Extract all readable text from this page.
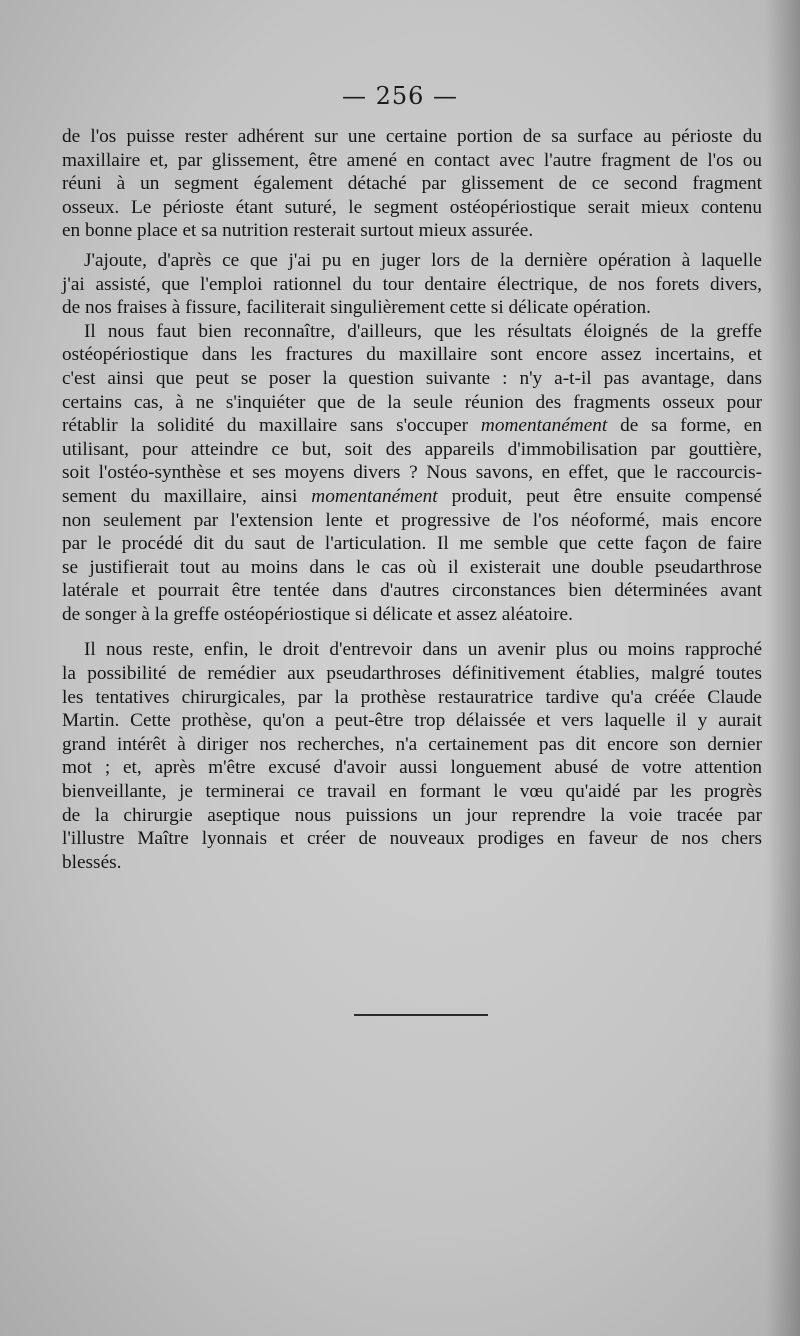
— 256 —
de l'os puisse rester adhérent sur une certaine portion de sa surface au périoste du
maxillaire et, par glissement, être amené en contact avec l'autre fragment de l'os ou
réuni à un segment également détaché par glissement de ce second fragment
osseux. Le périoste étant suturé, le segment ostéopériostique serait mieux contenu
en bonne place et sa nutrition resterait surtout mieux assurée.
J'ajoute, d'après ce que j'ai pu en juger lors de la dernière opération à laquelle
j'ai assisté, que l'emploi rationnel du tour dentaire électrique, de nos forets divers,
de nos fraises à fissure, faciliterait singulièrement cette si délicate opération.
Il nous faut bien reconnaître, d'ailleurs, que les résultats éloignés de la greffe
ostéopériostique dans les fractures du maxillaire sont encore assez incertains, et
c'est ainsi que peut se poser la question suivante : n'y a-t-il pas avantage, dans
certains cas, à ne s'inquiéter que de la seule réunion des fragments osseux pour
rétablir la solidité du maxillaire sans s'occuper momentanément de sa forme, en
utilisant, pour atteindre ce but, soit des appareils d'immobilisation par gouttière,
soit l'ostéo-synthèse et ses moyens divers ? Nous savons, en effet, que le raccourcis-
sement du maxillaire, ainsi momentanément produit, peut être ensuite compensé
non seulement par l'extension lente et progressive de l'os néoformé, mais encore
par le procédé dit du saut de l'articulation. Il me semble que cette façon de faire
se justifierait tout au moins dans le cas où il existerait une double pseudarthrose
latérale et pourrait être tentée dans d'autres circonstances bien déterminées avant
de songer à la greffe ostéopériostique si délicate et assez aléatoire.
Il nous reste, enfin, le droit d'entrevoir dans un avenir plus ou moins rapproché
la possibilité de remédier aux pseudarthroses définitivement établies, malgré toutes
les tentatives chirurgicales, par la prothèse restauratrice tardive qu'a créée Claude
Martin. Cette prothèse, qu'on a peut-être trop délaissée et vers laquelle il y aurait
grand intérêt à diriger nos recherches, n'a certainement pas dit encore son dernier
mot ; et, après m'être excusé d'avoir aussi longuement abusé de votre attention
bienveillante, je terminerai ce travail en formant le vœu qu'aidé par les progrès
de la chirurgie aseptique nous puissions un jour reprendre la voie tracée par
l'illustre Maître lyonnais et créer de nouveaux prodiges en faveur de nos chers
blessés.
